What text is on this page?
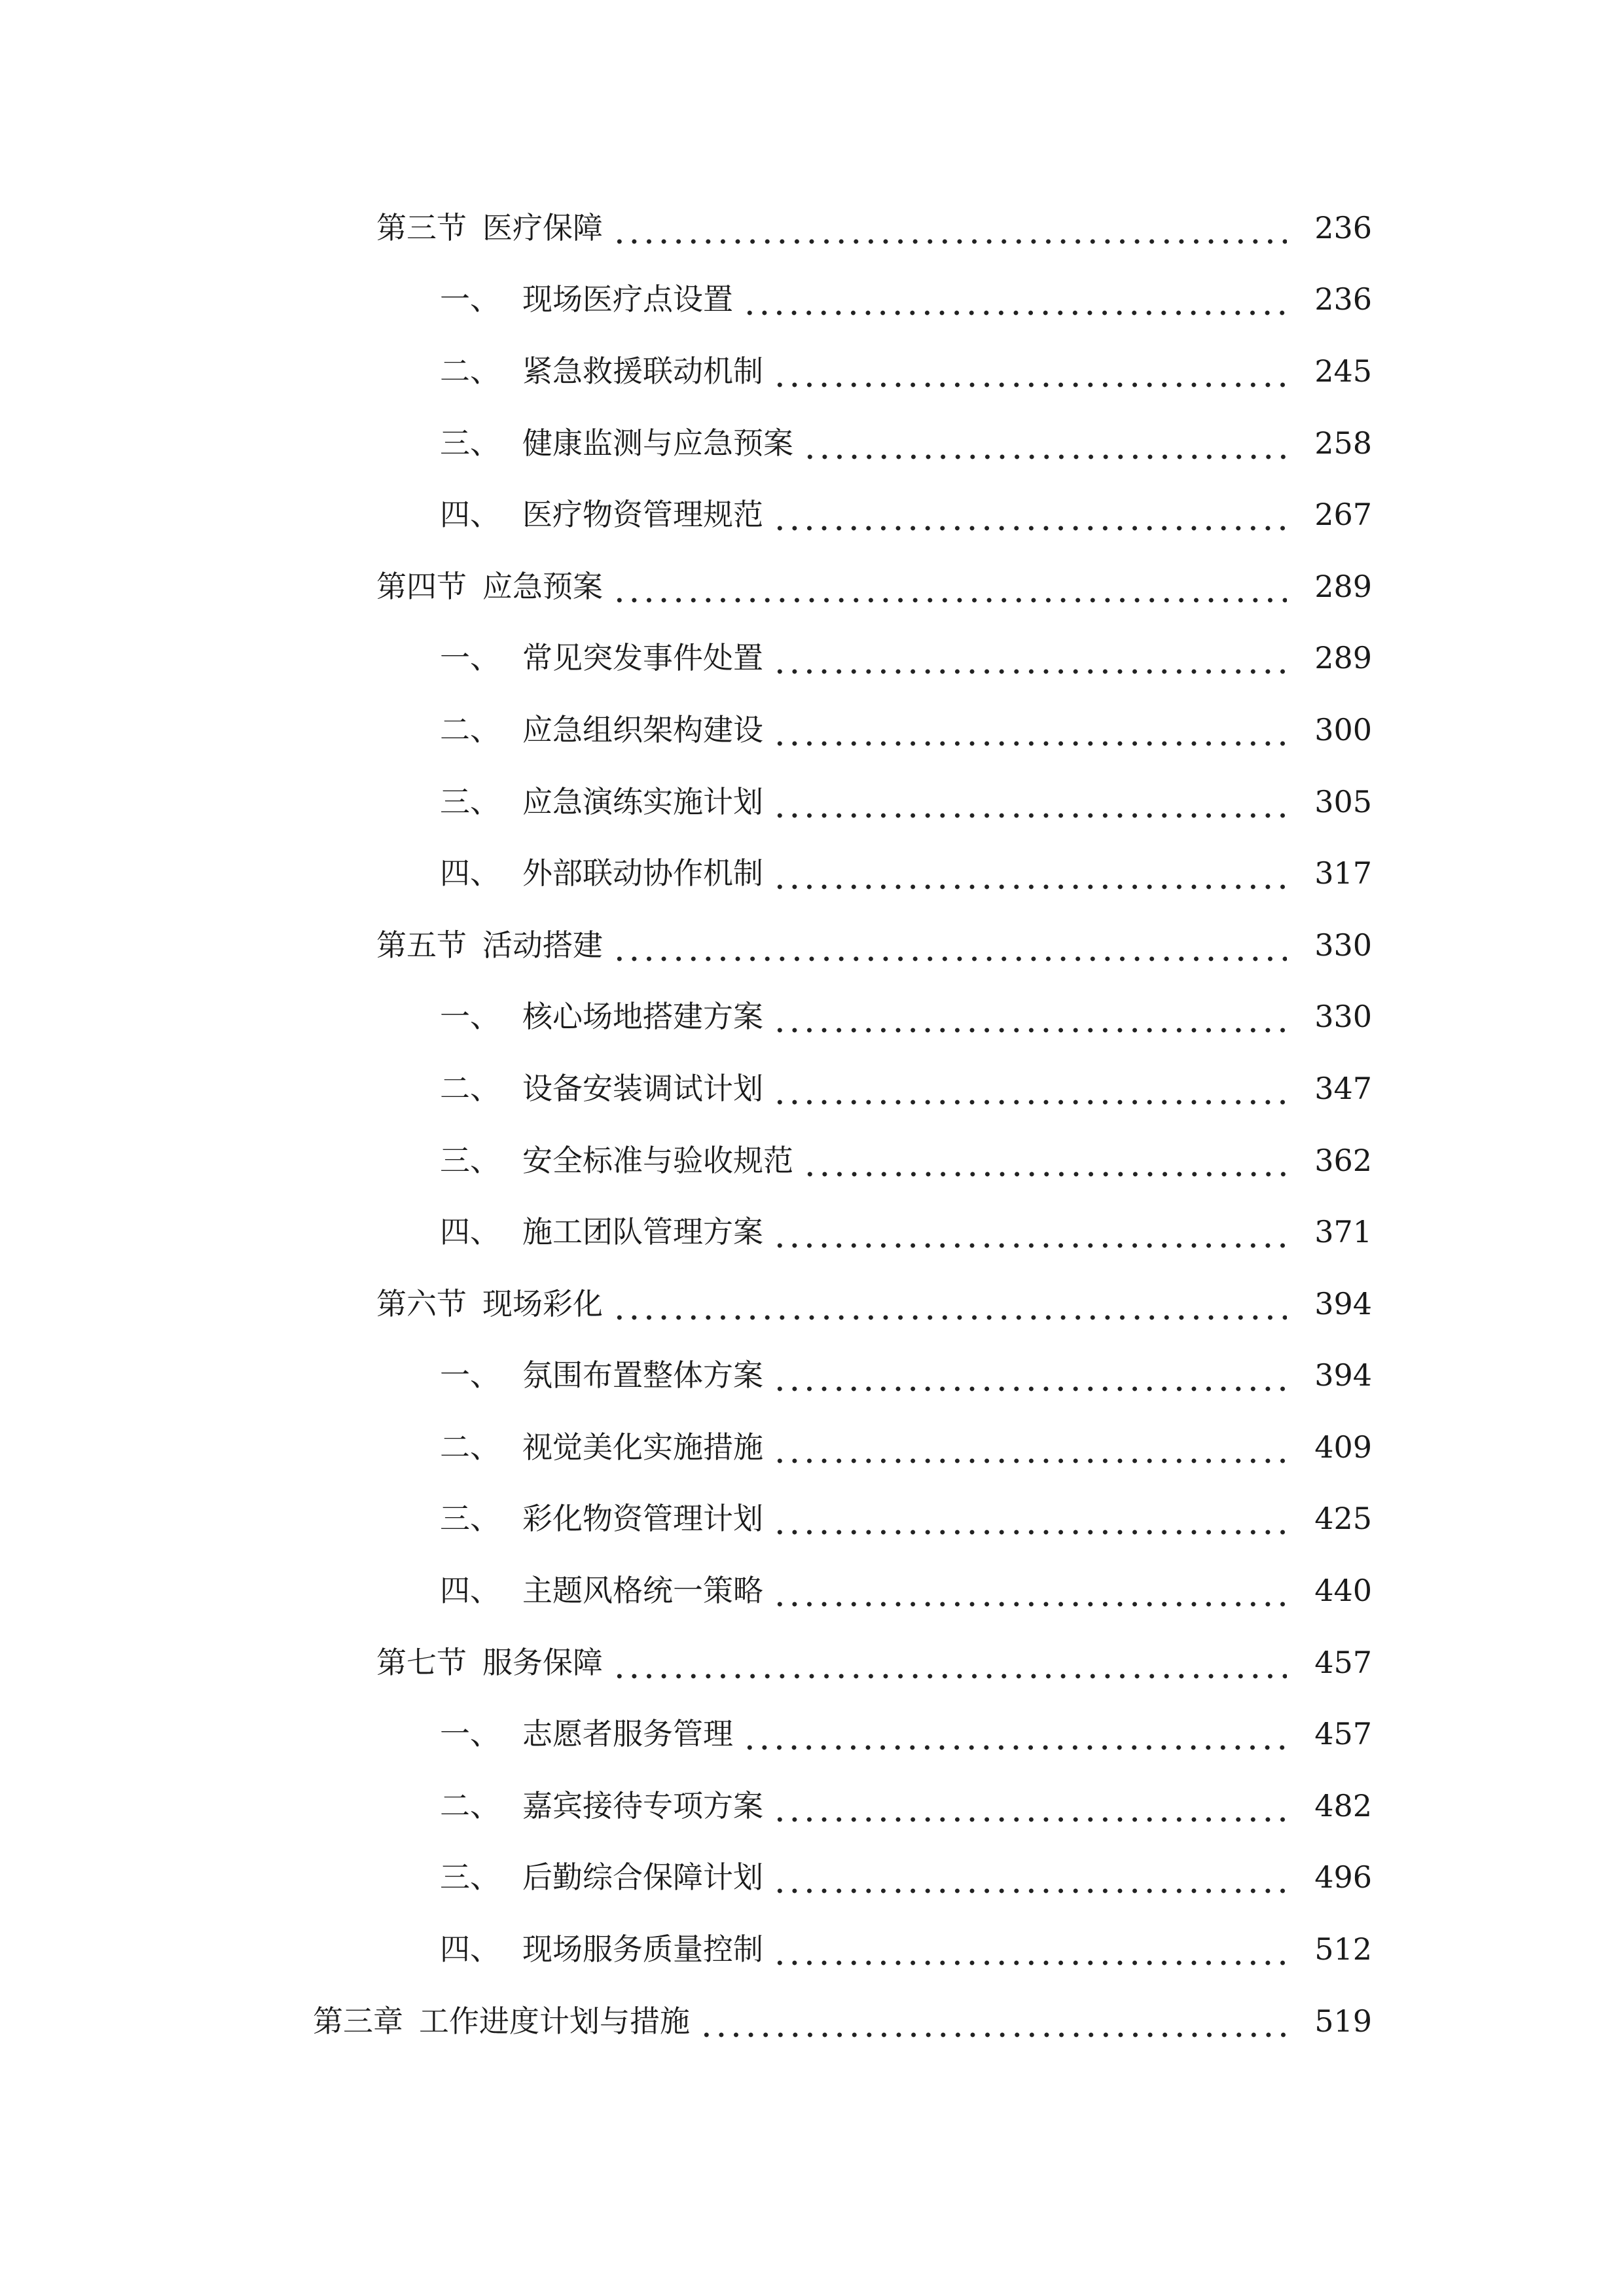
第三节 医疗保障	236
一、 现场医疗点设置	236
二、 紧急救援联动机制	245
三、 健康监测与应急预案	258
四、 医疗物资管理规范	267
第四节 应急预案	289
一、 常见突发事件处置	289
二、 应急组织架构建设	300
三、 应急演练实施计划	305
四、 外部联动协作机制	317
第五节 活动搭建	330
一、 核心场地搭建方案	330
二、 设备安装调试计划	347
三、 安全标准与验收规范	362
四、 施工团队管理方案	371
第六节 现场彩化	394
一、 氛围布置整体方案	394
二、 视觉美化实施措施	409
三、 彩化物资管理计划	425
四、 主题风格统一策略	440
第七节 服务保障	457
一、 志愿者服务管理	457
二、 嘉宾接待专项方案	482
三、 后勤综合保障计划	496
四、 现场服务质量控制	512
第三章 工作进度计划与措施	519
